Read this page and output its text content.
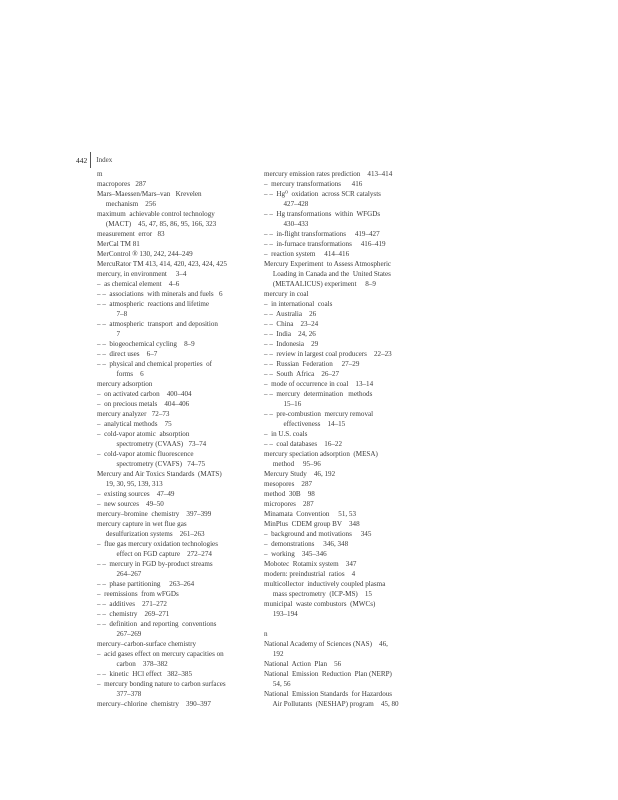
442 Index
m
macropores   287
Mars–Maessen/Mars–van   Krevelen
mechanism    256
maximum  achievable control technology
(MACT)    45, 47, 85, 86, 95, 166, 323
measurement  error   83
MerCal TM 81
MerControl ® 130, 242, 244–249
MercuRator TM 413, 414, 420, 423, 424, 425
mercury, in environment     3–4
–  as chemical element    4–6
– –  associations  with minerals and fuels   6
– –  atmospheric  reactions and lifetime
7–8
– –  atmospheric  transport  and deposition
7
– –  biogeochemical cycling    8–9
– –  direct uses    6–7
– –  physical and chemical properties  of
forms    6
mercury adsorption
–  on activated carbon    400–404
–  on precious metals    404–406
mercury analyzer   72–73
–  analytical methods    75
–  cold-vapor atomic  absorption
spectrometry (CVAAS)   73–74
–  cold-vapor atomic fluorescence
spectrometry (CVAFS)   74–75
Mercury and Air Toxics Standards  (MATS)
19, 30, 95, 139, 313
–  existing sources    47–49
–  new sources    49–50
mercury–bromine  chemistry    397–399
mercury capture in wet flue gas
desulfurization systems    261–263
–  flue gas mercury oxidation technologies
effect on FGD capture    272–274
– –  mercury in FGD by-product streams
264–267
– –  phase partitioning     263–264
–  reemissions  from wFGDs
– –  additives    271–272
– –  chemistry    269–271
– –  definition  and reporting  conventions
267–269
mercury–carbon-surface chemistry
–  acid gases effect on mercury capacities on
carbon    378–382
– –  kinetic  HCl effect   382–385
–  mercury bonding nature to carbon surfaces
377–378
mercury–chlorine  chemistry    390–397
mercury emission rates prediction    413–414
–  mercury transformations      416
– –  Hg⁰  oxidation  across SCR catalysts
427–428
– –  Hg transformations  within  WFGDs
430–433
– –  in-flight transformations     419–427
– –  in-furnace transformations     416–419
–  reaction system     414–416
Mercury Experiment  to Assess Atmospheric
Loading in Canada and the  United States
(METAALICUS) experiment     8–9
mercury in coal
–  in international  coals
– –  Australia    26
– –  China    23–24
– –  India    24, 26
– –  Indonesia    29
– –  review in largest coal producers    22–23
– –  Russian  Federation     27–29
– –  South  Africa    26–27
–  mode of occurrence in coal    13–14
– –  mercury  determination   methods
15–16
– –  pre-combustion  mercury removal
effectiveness    14–15
–  in U.S. coals
– –  coal databases    16–22
mercury speciation adsorption  (MESA)
method     95–96
Mercury Study    46, 192
mesopores    287
method  30B    98
micropores    287
Minamata  Convention     51, 53
MinPlus  CDEM group BV    348
–  background and motivations     345
–  demonstrations     346, 348
–  working    345–346
Mobotec  Rotamix system    347
modern: preindustrial  ratios    4
multicollector  inductively coupled plasma
mass spectrometry  (ICP-MS)    15
municipal  waste combustors  (MWCs)
193–194
n
National Academy of Sciences (NAS)    46,
192
National  Action  Plan    56
National  Emission  Reduction  Plan (NERP)
54, 56
National  Emission Standards  for Hazardous
Air Pollutants  (NESHAP) program    45, 80
